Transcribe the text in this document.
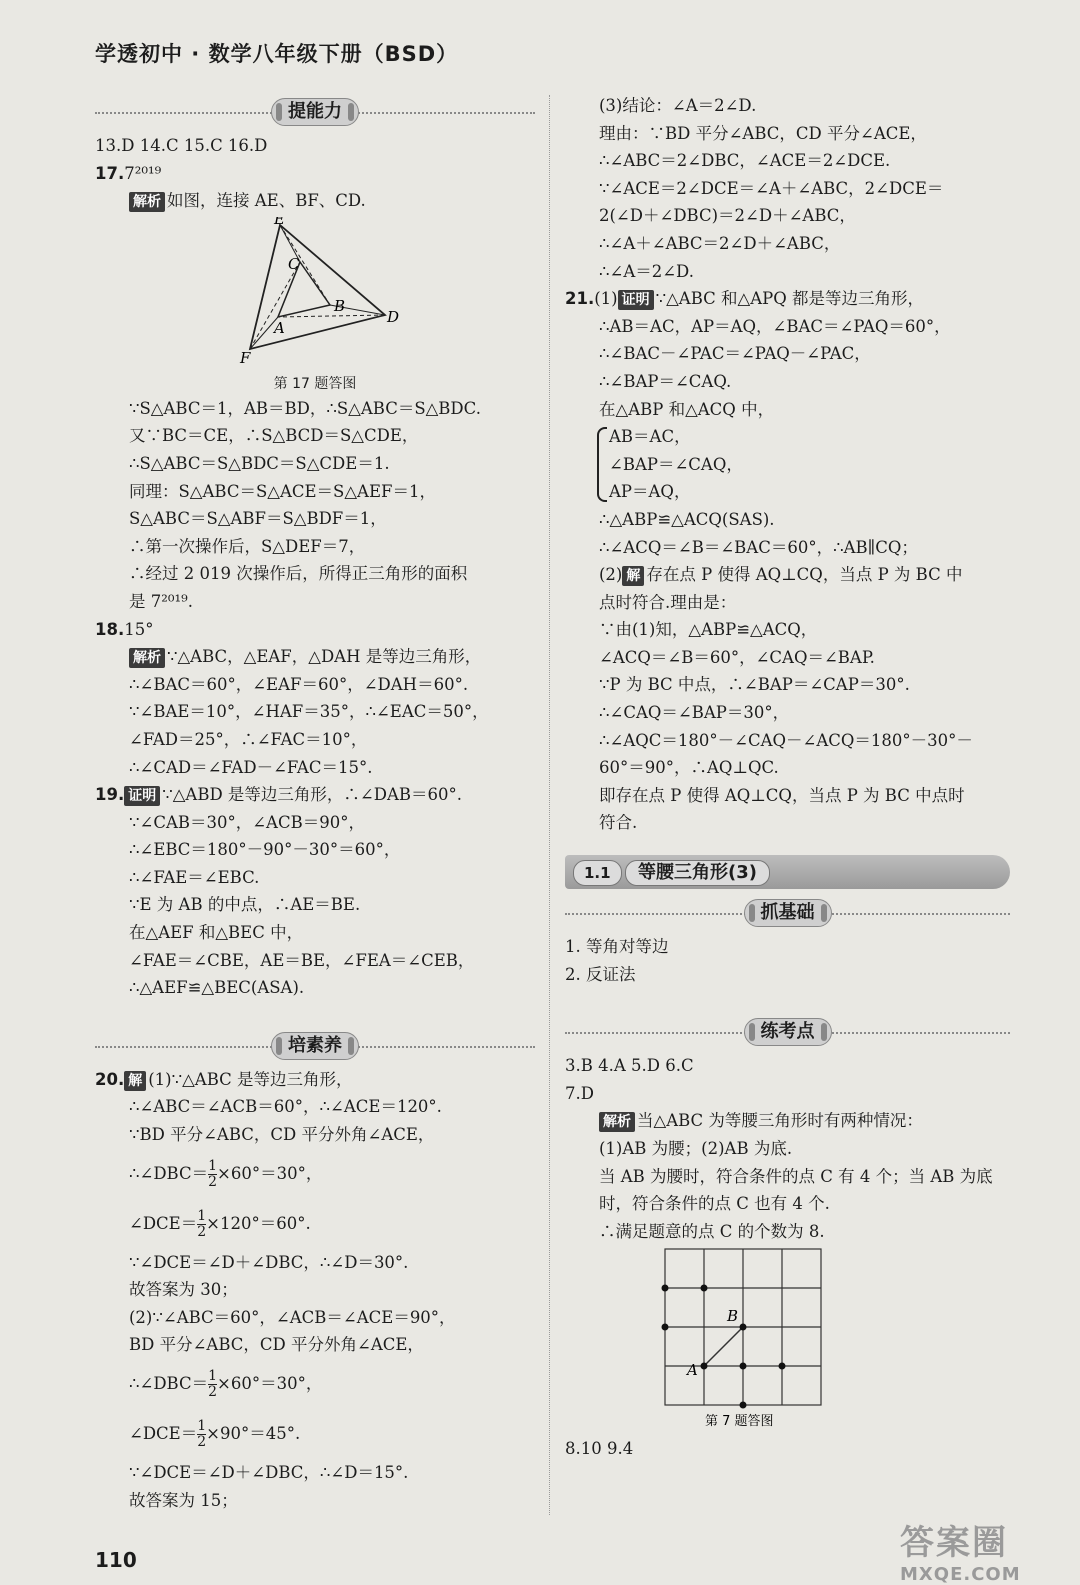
学透初中 · 数学八年级下册（BSD）
提能力
13.D 14.C 15.C 16.D
17.7²⁰¹⁹
解析 如图，连接 AE、BF、CD.
E
C
B
A
D
F
第 17 题答图
∵S△ABC＝1，AB＝BD，∴S△ABC＝S△BDC.
又∵BC＝CE，∴S△BCD＝S△CDE，
∴S△ABC＝S△BDC＝S△CDE＝1.
同理：S△ABC＝S△ACE＝S△AEF＝1，
S△ABC＝S△ABF＝S△BDF＝1，
∴第一次操作后，S△DEF＝7，
∴经过 2 019 次操作后，所得正三角形的面积
是 7²⁰¹⁹.
18.15°
解析 ∵△ABC，△EAF，△DAH 是等边三角形，
∴∠BAC＝60°，∠EAF＝60°，∠DAH＝60°.
∵∠BAE＝10°，∠HAF＝35°，∴∠EAC＝50°，
∠FAD＝25°，∴∠FAC＝10°，
∴∠CAD＝∠FAD－∠FAC＝15°.
19. 证明 ∵△ABD 是等边三角形，∴∠DAB＝60°.
∵∠CAB＝30°，∠ACB＝90°，
∴∠EBC＝180°－90°－30°＝60°，
∴∠FAE＝∠EBC.
∵E 为 AB 的中点，∴AE＝BE.
在△AEF 和△BEC 中，
∠FAE＝∠CBE，AE＝BE，∠FEA＝∠CEB，
∴△AEF≌△BEC(ASA).
培素养
20. 解 (1)∵△ABC 是等边三角形，
∴∠ABC＝∠ACB＝60°，∴∠ACE＝120°.
∵BD 平分∠ABC，CD 平分外角∠ACE，
∴∠DBC＝ $\frac{1}{2} \times 60^\circ=30^\circ$，
∠DCE＝ $\frac{1}{2} \times 120^\circ=60^\circ$.
∵∠DCE＝∠D＋∠DBC，∴∠D＝30°.
故答案为 30；
(2)∵∠ABC＝60°，∠ACB＝∠ACE＝90°，
BD 平分∠ABC，CD 平分外角∠ACE，
∴∠DBC＝ $\frac{1}{2} \times 60^\circ=30^\circ$，
∠DCE＝ $\frac{1}{2} \times 90^\circ=45^\circ$.
∵∠DCE＝∠D＋∠DBC，∴∠D＝15°.
故答案为 15；
(3)结论：∠A＝2∠D.
理由：∵BD 平分∠ABC，CD 平分∠ACE，
∴∠ABC＝2∠DBC，∠ACE＝2∠DCE.
∵∠ACE＝2∠DCE＝∠A＋∠ABC，2∠DCE＝
2(∠D＋∠DBC)＝2∠D＋∠ABC，
∴∠A＋∠ABC＝2∠D＋∠ABC，
∴∠A＝2∠D.
21.(1) 证明 ∵△ABC 和△APQ 都是等边三角形，
∴AB＝AC，AP＝AQ，∠BAC＝∠PAQ＝60°，
∴∠BAC－∠PAC＝∠PAQ－∠PAC，
∴∠BAP＝∠CAQ.
在△ABP 和△ACQ 中，
AB＝AC，
∠BAP＝∠CAQ，
AP＝AQ，
∴△ABP≌△ACQ(SAS).
∴∠ACQ＝∠B＝∠BAC＝60°，∴AB∥CQ；
(2) 解 存在点 P 使得 AQ⊥CQ，当点 P 为 BC 中
点时符合.理由是：
∵由(1)知，△ABP≌△ACQ，
∠ACQ＝∠B＝60°，∠CAQ＝∠BAP.
∵P 为 BC 中点，∴∠BAP＝∠CAP＝30°.
∴∠CAQ＝∠BAP＝30°，
∴∠AQC＝180°－∠CAQ－∠ACQ＝180°－30°－
60°＝90°，∴AQ⊥QC.
即存在点 P 使得 AQ⊥CQ，当点 P 为 BC 中点时
符合.
1.1	等腰三角形(3)
抓基础
1. 等角对等边
2. 反证法
练考点
3.B 4.A 5.D 6.C
7.D
解析 当△ABC 为等腰三角形时有两种情况：
(1)AB 为腰；(2)AB 为底.
当 AB 为腰时，符合条件的点 C 有 4 个；当 AB 为底
时，符合条件的点 C 也有 4 个.
∴满足题意的点 C 的个数为 8.
B
A
第 7 题答图
8.10 9.4
110	答案圈
MXQE.COM
